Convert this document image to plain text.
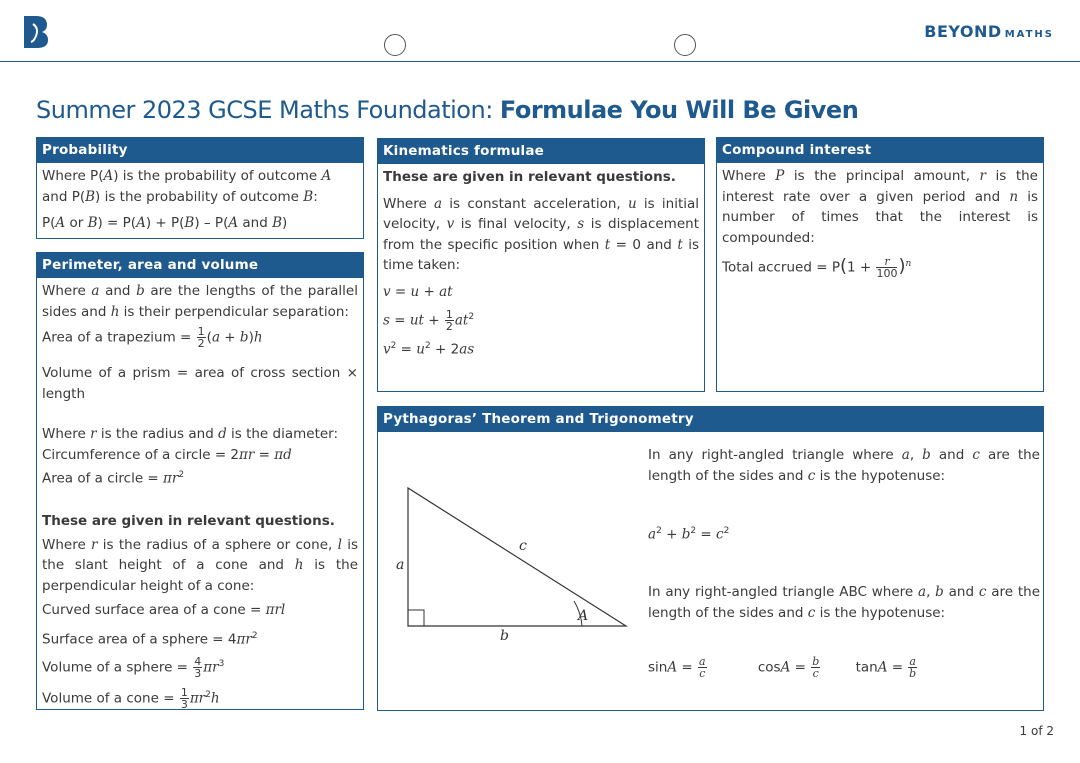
BEYOND MATHS
Summer 2023 GCSE Maths Foundation: Formulae You Will Be Given
Probability

Where P(A) is the probability of outcome A
and P(B) is the probability of outcome B:

P(A or B) = P(A) + P(B) – P(A and B)

Perimeter, area and volume

Where a and b are the lengths of the parallel sides and h is their perpendicular separation:

Area of a trapezium = $\frac{1}{2} (a + b)h$

Volume of a prism = area of cross section × length

Where r is the radius and d is the diameter:
Circumference of a circle = 2πr = πd
Area of a circle = $\pi r^2$

These are given in relevant questions.

Where r is the radius of a sphere or cone, l is the slant height of a cone and h is the perpendicular height of a cone:

Curved surface area of a cone = πrl

Surface area of a sphere = $4\pi r^2$

Volume of a sphere = $\frac{4}{3} \pi r^3$

Volume of a cone = $\frac{1}{3} \pi r^2h$

Kinematics formulae

These are given in relevant questions.

Where a is constant acceleration, u is initial velocity, v is final velocity, s is displacement from the specific position when t = 0 and t is time taken:

v = u + at

s = ut + $\frac{1}{2} at^2$

$v^2 = u^2 + 2as$

Compound interest

Where P is the principal amount, r is the interest rate over a given period and n is number of times that the interest is compounded:

Total accrued = $P(1 + \frac{r}{100} )^n$

Pythagoras’ Theorem and Trigonometry
a
b
c
A

In any right-angled triangle where a, b and c are the length of the sides and c is the hypotenuse:

$a^2 + b^2 = c^2$

In any right-angled triangle ABC where a, b and c are the length of the sides and c is the hypotenuse:

$\sin A = \frac{a}{c}$	$\cos A = \frac{b}{c}$	$\tan A = \frac{a}{b}$

1 of 2
